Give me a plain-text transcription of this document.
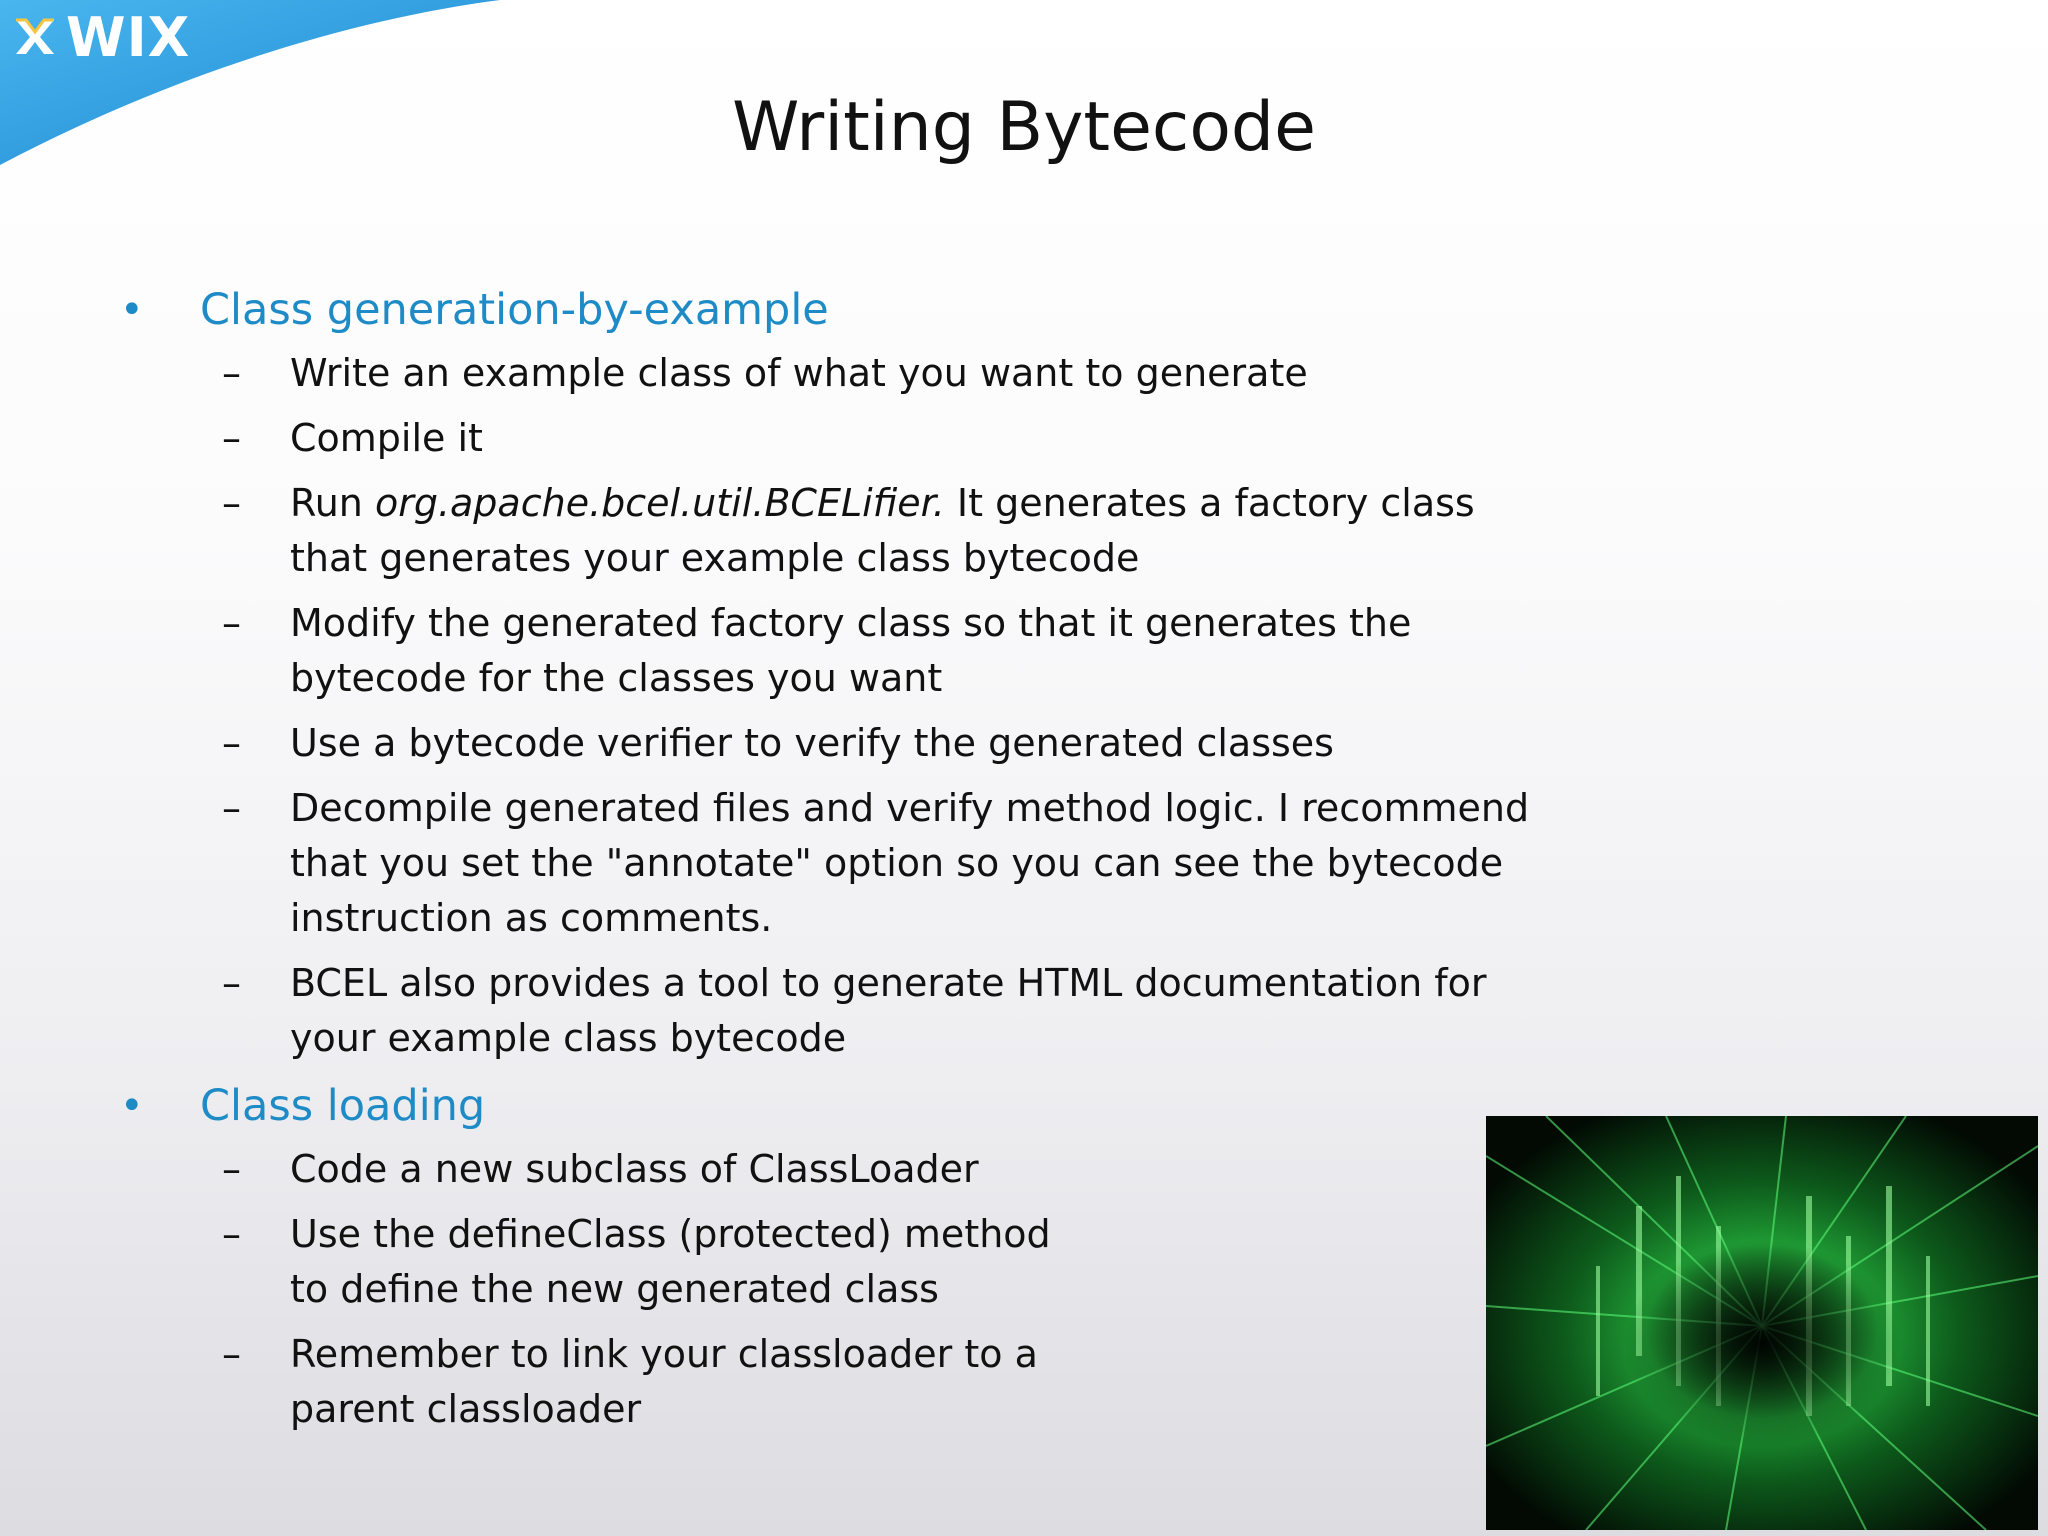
WIX
Writing Bytecode
• Class generation-by-example
– Write an example class of what you want to generate
– Compile it
– Run org.apache.bcel.util.BCELifier. It generates a factory class that generates your example class bytecode
– Modify the generated factory class so that it generates the bytecode for the classes you want
– Use a bytecode verifier to verify the generated classes
– Decompile generated files and verify method logic. I recommend that you set the "annotate" option so you can see the bytecode instruction as comments.
– BCEL also provides a tool to generate HTML documentation for your example class bytecode
• Class loading
– Code a new subclass of ClassLoader
– Use the defineClass (protected) method to define the new generated class
– Remember to link your classloader to a parent classloader
